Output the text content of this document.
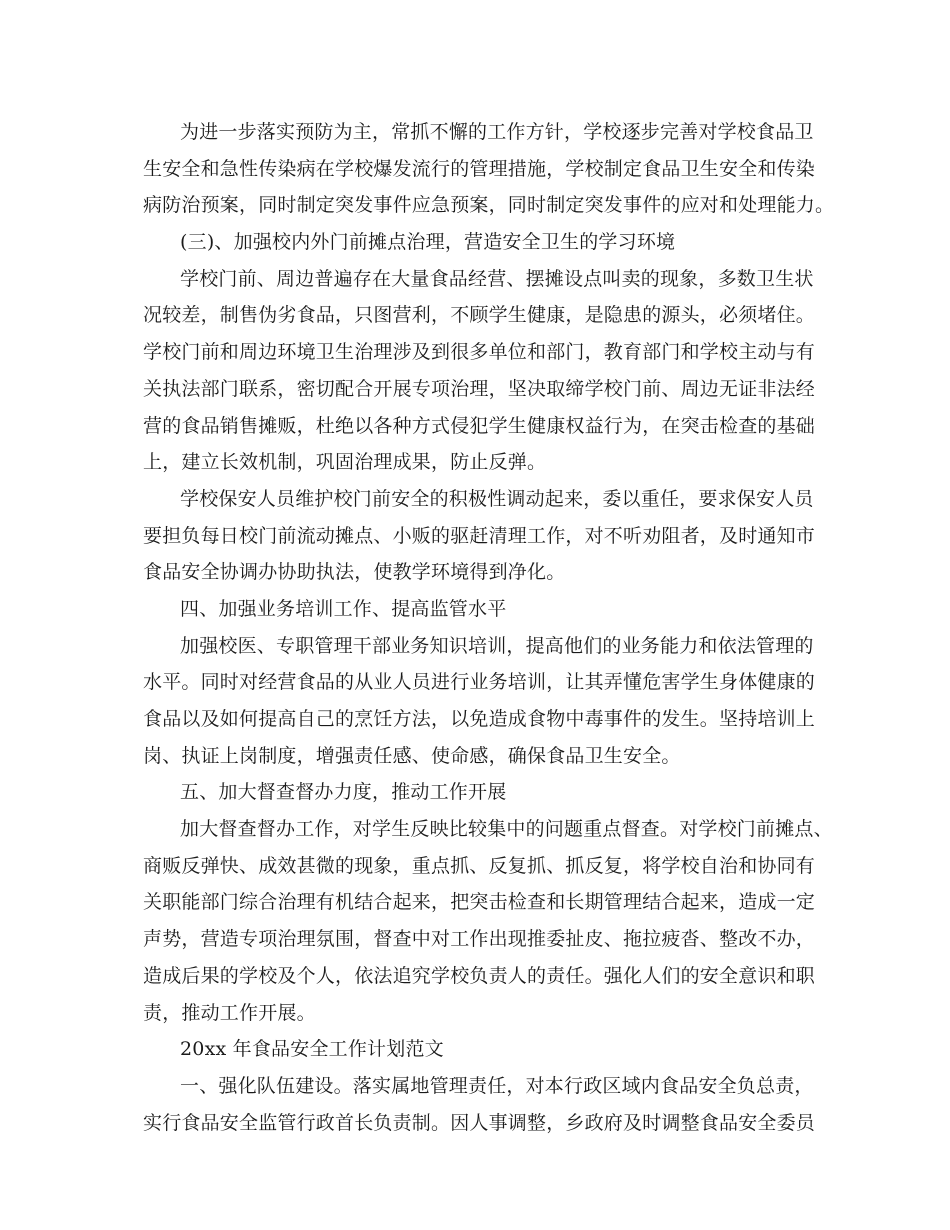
为进一步落实预防为主，常抓不懈的工作方针，学校逐步完善对学校食品卫
生安全和急性传染病在学校爆发流行的管理措施，学校制定食品卫生安全和传染
病防治预案，同时制定突发事件应急预案，同时制定突发事件的应对和处理能力。
(三)、加强校内外门前摊点治理，营造安全卫生的学习环境
学校门前、周边普遍存在大量食品经营、摆摊设点叫卖的现象，多数卫生状
况较差，制售伪劣食品，只图营利，不顾学生健康，是隐患的源头，必须堵住。
学校门前和周边环境卫生治理涉及到很多单位和部门，教育部门和学校主动与有
关执法部门联系，密切配合开展专项治理，坚决取缔学校门前、周边无证非法经
营的食品销售摊贩，杜绝以各种方式侵犯学生健康权益行为，在突击检查的基础
上，建立长效机制，巩固治理成果，防止反弹。
学校保安人员维护校门前安全的积极性调动起来，委以重任，要求保安人员
要担负每日校门前流动摊点、小贩的驱赶清理工作，对不听劝阻者，及时通知市
食品安全协调办协助执法，使教学环境得到净化。
四、加强业务培训工作、提高监管水平
加强校医、专职管理干部业务知识培训，提高他们的业务能力和依法管理的
水平。同时对经营食品的从业人员进行业务培训，让其弄懂危害学生身体健康的
食品以及如何提高自己的烹饪方法，以免造成食物中毒事件的发生。坚持培训上
岗、执证上岗制度，增强责任感、使命感，确保食品卫生安全。
五、加大督查督办力度，推动工作开展
加大督查督办工作，对学生反映比较集中的问题重点督查。对学校门前摊点、
商贩反弹快、成效甚微的现象，重点抓、反复抓、抓反复，将学校自治和协同有
关职能部门综合治理有机结合起来，把突击检查和长期管理结合起来，造成一定
声势，营造专项治理氛围，督查中对工作出现推委扯皮、拖拉疲沓、整改不办，
造成后果的学校及个人，依法追究学校负责人的责任。强化人们的安全意识和职
责，推动工作开展。
20xx 年食品安全工作计划范文
一、强化队伍建设。落实属地管理责任，对本行政区域内食品安全负总责，
实行食品安全监管行政首长负责制。因人事调整，乡政府及时调整食品安全委员
